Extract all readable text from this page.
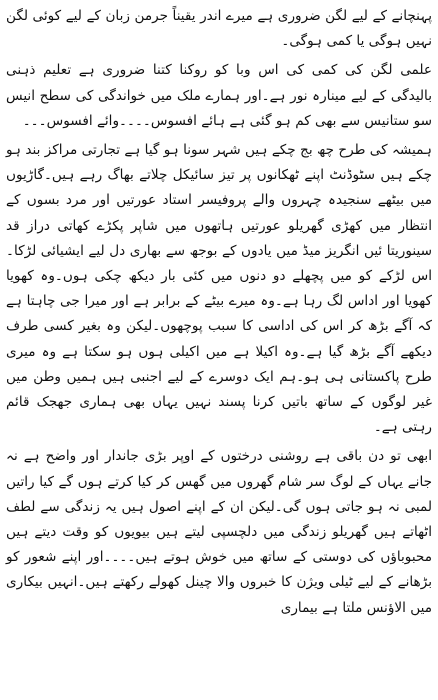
پہنچانے کے لیے لگن ضروری ہے میرے اندر یقیناً جرمن زبان کے لیے کوئی لگن نہیں ہوگی یا کمی ہوگی۔

علمی لگن کی کمی کی اس وبا کو روکنا کتنا ضروری ہے تعلیم ذہنی بالیدگی کے لیے مینارہ نور ہے۔اور ہمارے ملک میں خواندگی کی سطح انیس سو ستانیس سے بھی کم ہو گئی ہے ہائے افسوس۔۔۔۔وائے افسوس۔۔۔

ہمیشہ کی طرح چھ بج چکے ہیں شہر سونا ہو گیا ہے تجارتی مراکز بند ہو چکے ہیں سٹوڈنٹ اپنے ٹھکانوں پر تیز سائیکل چلاتے بھاگ رہے ہیں۔گاڑیوں میں بیٹھے سنجیدہ چہروں والے پروفیسر استاد عورتیں اور مرد بسوں کے انتظار میں کھڑی گھریلو عورتیں ہاتھوں میں شاپر پکڑے کھاتی دراز قد سینوریتا ئیں انگریز میڈ میں یادوں کے بوجھ سے بھاری دل لیے ایشیائی لڑکا۔اس لڑکے کو میں پچھلے دو دنوں میں کئی بار دیکھ چکی ہوں۔وہ کھویا کھویا اور اداس لگ رہا ہے۔وہ میرے بیٹے کے برابر ہے اور میرا جی چاہتا ہے کہ آگے بڑھ کر اس کی اداسی کا سبب پوچھوں۔لیکن وہ بغیر کسی طرف دیکھے آگے بڑھ گیا ہے۔وہ اکیلا ہے میں اکیلی ہوں ہو سکتا ہے وہ میری طرح پاکستانی ہی ہو۔ہم ایک دوسرے کے لیے اجنبی ہیں ہمیں وطن میں غیر لوگوں کے ساتھ باتیں کرنا پسند نہیں یہاں بھی ہماری جھجک قائم رہتی ہے۔

ابھی تو دن باقی ہے روشنی درختوں کے اوپر بڑی جاندار اور واضح ہے نہ جانے یہاں کے لوگ سر شام گھروں میں گھس کر کیا کرتے ہوں گے کیا راتیں لمبی نہ ہو جاتی ہوں گی۔لیکن ان کے اپنے اصول ہیں یہ زندگی سے لطف اٹھاتے ہیں گھریلو زندگی میں دلچسپی لیتے ہیں بیویوں کو وقت دیتے ہیں محبوباؤں کی دوستی کے ساتھ میں خوش ہوتے ہیں۔۔۔۔اور اپنے شعور کو بڑھانے کے لیے ٹیلی ویژن کا خبروں والا چینل کھولے رکھتے ہیں۔انہیں بیکاری میں الاؤنس ملتا ہے بیماری
